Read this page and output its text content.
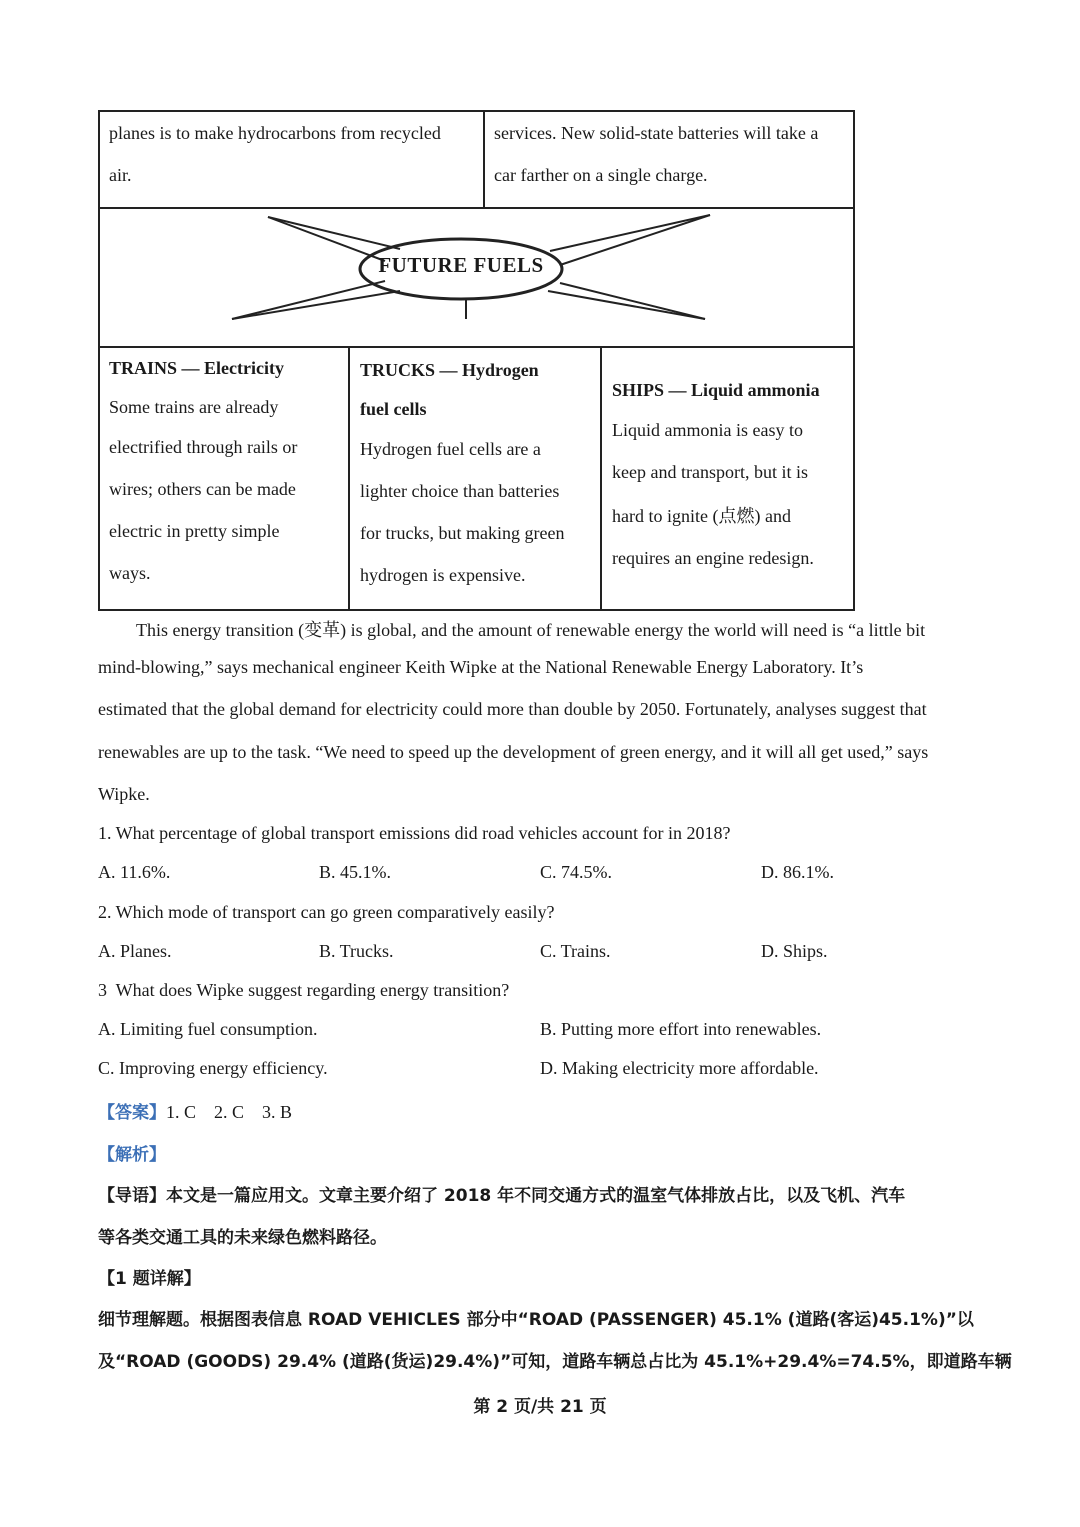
planes is to make hydrocarbons from recycled
air.
services. New solid-state batteries will take a
car farther on a single charge.
FUTURE FUELS
TRAINS — Electricity
Some trains are already
electrified through rails or
wires; others can be made
electric in pretty simple
ways.
TRUCKS — Hydrogen
fuel cells
Hydrogen fuel cells are a
lighter choice than batteries
for trucks, but making green
hydrogen is expensive.
SHIPS — Liquid ammonia
Liquid ammonia is easy to
keep and transport, but it is
hard to ignite (点燃) and
requires an engine redesign.
This energy transition (变革) is global, and the amount of renewable energy the world will need is “a little bit
mind-blowing,” says mechanical engineer Keith Wipke at the National Renewable Energy Laboratory. It’s
estimated that the global demand for electricity could more than double by 2050. Fortunately, analyses suggest that
renewables are up to the task. “We need to speed up the development of green energy, and it will all get used,” says
Wipke.
1. What percentage of global transport emissions did road vehicles account for in 2018?
A. 11.6%.	B. 45.1%.	C. 74.5%.	D. 86.1%.
2. Which mode of transport can go green comparatively easily?
A. Planes.	B. Trucks.	C. Trains.	D. Ships.
3  What does Wipke suggest regarding energy transition?
A. Limiting fuel consumption.	B. Putting more effort into renewables.
C. Improving energy efficiency.	D. Making electricity more affordable.
【答案】1. C    2. C    3. B
【解析】
【导语】本文是一篇应用文。文章主要介绍了 2018 年不同交通方式的温室气体排放占比，以及飞机、汽车
等各类交通工具的未来绿色燃料路径。
【1 题详解】
细节理解题。根据图表信息 ROAD VEHICLES 部分中“ROAD (PASSENGER) 45.1% (道路(客运)45.1%)”以
及“ROAD (GOODS) 29.4% (道路(货运)29.4%)”可知，道路车辆总占比为 45.1%+29.4%=74.5%，即道路车辆
第 2 页/共 21 页
